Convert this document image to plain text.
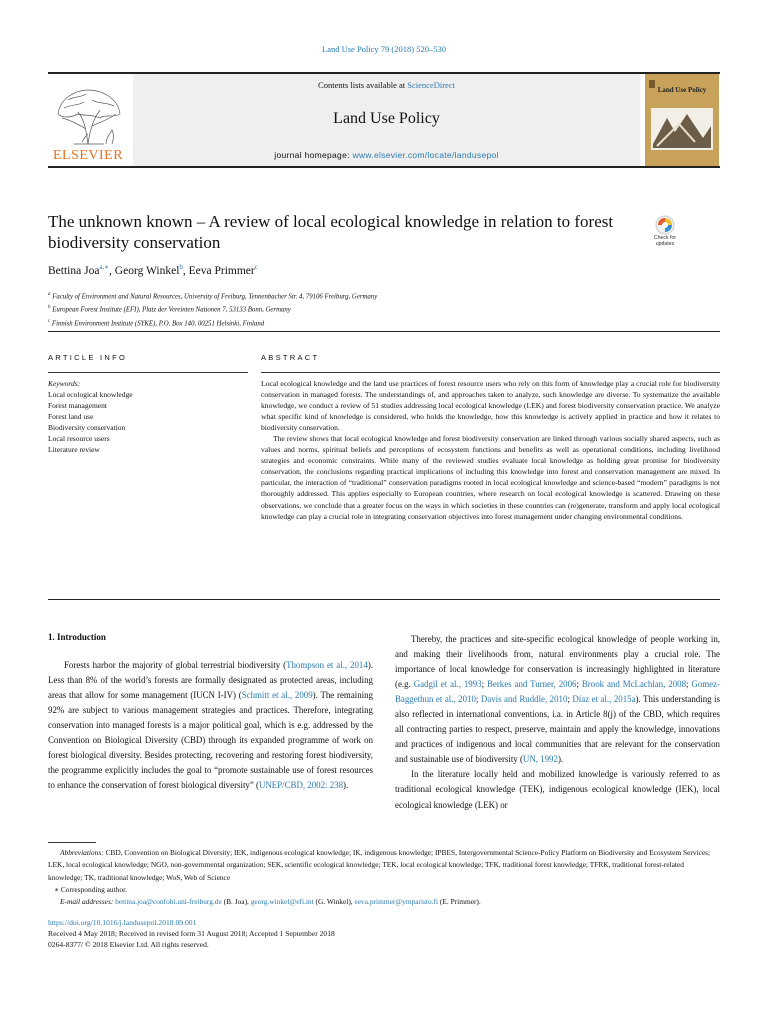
Land Use Policy 79 (2018) 520–530
ELSEVIER
Contents lists available at ScienceDirect
Land Use Policy
journal homepage: www.elsevier.com/locate/landusepol
Land Use Policy
The unknown known – A review of local ecological knowledge in relation to forest biodiversity conservation	Check for
updates
Bettina Joa$^{a,∗}$, Georg Winkel$^b$, Eeva Primmer$^c$
$^a$ Faculty of Environment and Natural Resources, University of Freiburg, Tennenbacher Str. 4, 79106 Freiburg, Germany
$^b$ European Forest Institute (EFI), Platz der Vereinten Nationen 7, 53133 Bonn, Germany
$^c$ Finnish Environment Institute (SYKE), P.O. Box 140, 00251 Helsinki, Finland
ARTICLE INFO	ABSTRACT
Keywords:
Local ecological knowledge
Forest management
Forest land use
Biodiversity conservation
Local resource users
Literature review

Local ecological knowledge and the land use practices of forest resource users who rely on this form of knowledge play a crucial role for biodiversity conservation in managed forests. The understandings of, and approaches taken to analyze, such knowledge are diverse. To systematize the available knowledge, we conduct a review of 51 studies addressing local ecological knowledge (LEK) and forest biodiversity conservation practice. We analyze what specific kind of knowledge is considered, who holds the knowledge, how this knowledge is actively applied in practice and how it relates to biodiversity conservation.

The review shows that local ecological knowledge and forest biodiversity conservation are linked through various socially shared aspects, such as values and norms, spiritual beliefs and perceptions of ecosystem functions and benefits as well as operational conditions, including livelihood strategies and economic constraints. While many of the reviewed studies evaluate local knowledge as holding great promise for biodiversity conservation, the conclusions regarding practical implications of including this knowledge into forest and conservation management are mixed. In particular, the interaction of “traditional” conservation paradigms rooted in local ecological knowledge and science-based “modern” paradigms is not thoroughly addressed. This applies especially to European countries, where research on local ecological knowledge is scattered. Drawing on these observations, we conclude that a greater focus on the ways in which societies in these countries can (re)generate, transform and apply local ecological knowledge can play a crucial role in integrating conservation objectives into forest management under changing environmental conditions.

1. Introduction

Forests harbor the majority of global terrestrial biodiversity (Thompson et al., 2014). Less than 8% of the world’s forests are formally designated as protected areas, including areas that allow for some management (IUCN I-IV) (Schmitt et al., 2009). The remaining 92% are subject to various management strategies and practices. Therefore, integrating conservation into managed forests is a major political goal, which is e.g. addressed by the Convention on Biological Diversity (CBD) through its expanded programme of work on forest biological diversity. Besides protecting, recovering and restoring forest biodiversity, the programme explicitly includes the goal to “promote sustainable use of forest resources to enhance the conservation of forest biological diversity” (UNEP/CBD, 2002: 238).

Thereby, the practices and site-specific ecological knowledge of people working in, and making their livelihoods from, natural environments play a crucial role. The importance of local knowledge for conservation is increasingly highlighted in literature (e.g. Gadgil et al., 1993; Berkes and Turner, 2006; Brook and McLachlan, 2008; Gomez-Baggethun et al., 2010; Davis and Ruddle, 2010; Díaz et al., 2015a). This understanding is also reflected in international conventions, i.a. in Article 8(j) of the CBD, which requires all contracting parties to respect, preserve, maintain and apply the knowledge, innovations and practices of indigenous and local communities that are relevant for the conservation and sustainable use of biodiversity (UN, 1992).

In the literature locally held and mobilized knowledge is variously referred to as traditional ecological knowledge (TEK), indigenous ecological knowledge (IEK), local ecological knowledge (LEK) or

Abbreviations: CBD, Convention on Biological Diversity; IEK, indigenous ecological knowledge; IK, indigenous knowledge; IPBES, Intergovernmental Science-Policy Platform on Biodiversity and Ecosystem Services; LEK, local ecological knowledge; NGO, non-governmental organization; SEK, scientific ecological knowledge; TEK, local ecological knowledge; TFK, traditional forest knowledge; TFRK, traditional forest-related knowledge; TK, traditional knowledge; WoS, Web of Science

∗ Corresponding author.

E-mail addresses: bettina.joa@confobi.uni-freiburg.de (B. Joa), georg.winkel@efi.int (G. Winkel), eeva.primmer@ymparisto.fi (E. Primmer).

https://doi.org/10.1016/j.landusepol.2018.09.001

Received 4 May 2018; Received in revised form 31 August 2018; Accepted 1 September 2018

0264-8377/ © 2018 Elsevier Ltd. All rights reserved.
